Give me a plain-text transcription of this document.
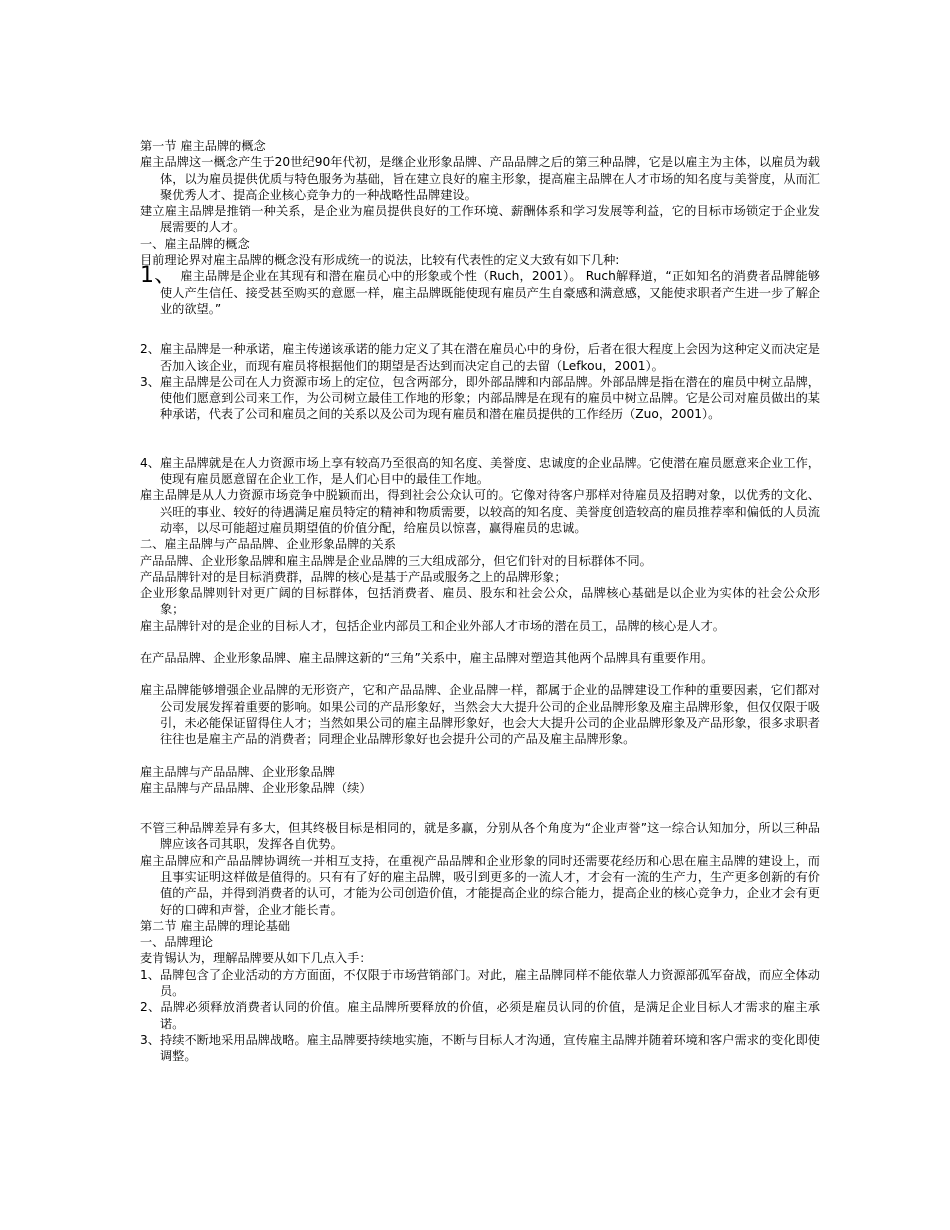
第一节 雇主品牌的概念

雇主品牌这一概念产生于20世纪90年代初，是继企业形象品牌、产品品牌之后的第三种品牌，它是以雇主为主体，以雇员为载体，以为雇员提供优质与特色服务为基础，旨在建立良好的雇主形象，提高雇主品牌在人才市场的知名度与美誉度，从而汇聚优秀人才、提高企业核心竞争力的一种战略性品牌建设。

建立雇主品牌是推销一种关系，是企业为雇员提供良好的工作环境、薪酬体系和学习发展等利益，它的目标市场锁定于企业发展需要的人才。

一、雇主品牌的概念

目前理论界对雇主品牌的概念没有形成统一的说法，比较有代表性的定义大致有如下几种:

1、 雇主品牌是企业在其现有和潜在雇员心中的形象或个性（Ruch，2001）。 Ruch解释道，“正如知名的消费者品牌能够使人产生信任、接受甚至购买的意愿一样，雇主品牌既能使现有雇员产生自豪感和满意感，又能使求职者产生进一步了解企业的欲望。”

2、雇主品牌是一种承诺，雇主传递该承诺的能力定义了其在潜在雇员心中的身份，后者在很大程度上会因为这种定义而决定是否加入该企业，而现有雇员将根据他们的期望是否达到而决定自己的去留（Lefkou，2001）。

3、雇主品牌是公司在人力资源市场上的定位，包含两部分，即外部品牌和内部品牌。外部品牌是指在潜在的雇员中树立品牌，使他们愿意到公司来工作，为公司树立最佳工作地的形象；内部品牌是在现有的雇员中树立品牌。它是公司对雇员做出的某种承诺，代表了公司和雇员之间的关系以及公司为现有雇员和潜在雇员提供的工作经历（Zuo，2001）。

4、雇主品牌就是在人力资源市场上享有较高乃至很高的知名度、美誉度、忠诚度的企业品牌。它使潜在雇员愿意来企业工作，使现有雇员愿意留在企业工作，是人们心目中的最佳工作地。

雇主品牌是从人力资源市场竞争中脱颖而出，得到社会公众认可的。它像对待客户那样对待雇员及招聘对象，以优秀的文化、兴旺的事业、较好的待遇满足雇员特定的精神和物质需要，以较高的知名度、美誉度创造较高的雇员推荐率和偏低的人员流动率，以尽可能超过雇员期望值的价值分配，给雇员以惊喜，赢得雇员的忠诚。

二、雇主品牌与产品品牌、企业形象品牌的关系

产品品牌、企业形象品牌和雇主品牌是企业品牌的三大组成部分，但它们针对的目标群体不同。

产品品牌针对的是目标消费群，品牌的核心是基于产品或服务之上的品牌形象；

企业形象品牌则针对更广阔的目标群体，包括消费者、雇员、股东和社会公众，品牌核心基础是以企业为实体的社会公众形象；

雇主品牌针对的是企业的目标人才，包括企业内部员工和企业外部人才市场的潜在员工，品牌的核心是人才。

在产品品牌、企业形象品牌、雇主品牌这新的“三角”关系中，雇主品牌对塑造其他两个品牌具有重要作用。

雇主品牌能够增强企业品牌的无形资产，它和产品品牌、企业品牌一样，都属于企业的品牌建设工作种的重要因素，它们都对公司发展发挥着重要的影响。如果公司的产品形象好，当然会大大提升公司的企业品牌形象及雇主品牌形象，但仅仅限于吸引，未必能保证留得住人才；当然如果公司的雇主品牌形象好，也会大大提升公司的企业品牌形象及产品形象，很多求职者往往也是雇主产品的消费者；同理企业品牌形象好也会提升公司的产品及雇主品牌形象。

雇主品牌与产品品牌、企业形象品牌

雇主品牌与产品品牌、企业形象品牌（续）

不管三种品牌差异有多大，但其终极目标是相同的，就是多赢，分别从各个角度为“企业声誉”这一综合认知加分，所以三种品牌应该各司其职，发挥各自优势。

雇主品牌应和产品品牌协调统一并相互支持，在重视产品品牌和企业形象的同时还需要花经历和心思在雇主品牌的建设上，而且事实证明这样做是值得的。只有有了好的雇主品牌，吸引到更多的一流人才，才会有一流的生产力，生产更多创新的有价值的产品，并得到消费者的认可，才能为公司创造价值，才能提高企业的综合能力，提高企业的核心竞争力，企业才会有更好的口碑和声誉，企业才能长青。

第二节 雇主品牌的理论基础

一、品牌理论

麦肯锡认为，理解品牌要从如下几点入手：

1、品牌包含了企业活动的方方面面，不仅限于市场营销部门。对此，雇主品牌同样不能依靠人力资源部孤军奋战，而应全体动员。

2、品牌必须释放消费者认同的价值。雇主品牌所要释放的价值，必须是雇员认同的价值，是满足企业目标人才需求的雇主承诺。

3、持续不断地采用品牌战略。雇主品牌要持续地实施，不断与目标人才沟通，宣传雇主品牌并随着环境和客户需求的变化即使调整。
